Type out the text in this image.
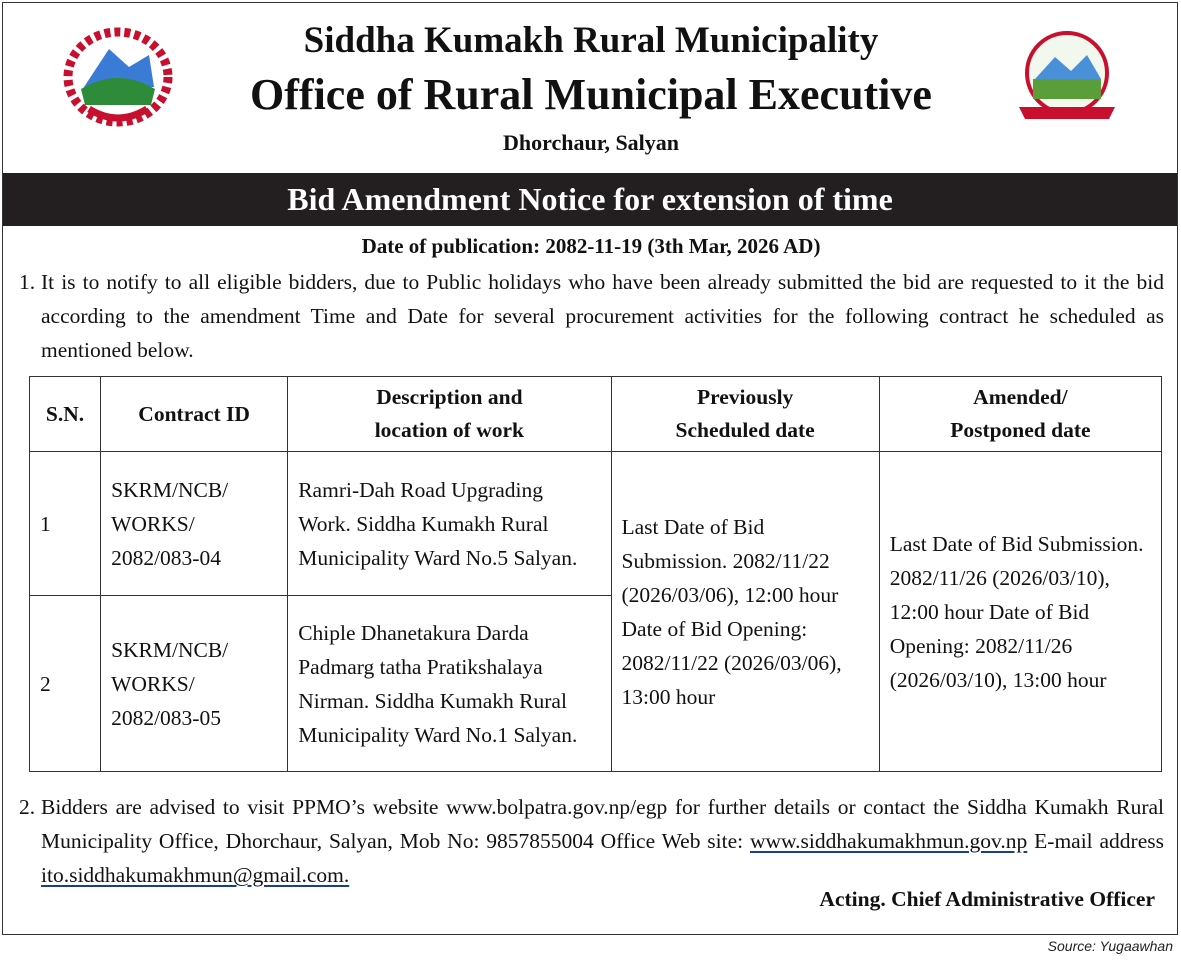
Siddha Kumakh Rural Municipality
Office of Rural Municipal Executive
Dhorchaur, Salyan
Bid Amendment Notice for extension of time
Date of publication: 2082-11-19 (3th Mar, 2026 AD)
1. It is to notify to all eligible bidders, due to Public holidays who have been already submitted the bid are requested to it the bid according to the amendment Time and Date for several procurement activities for the following contract he scheduled as mentioned below.
S.N.	Contract ID	Description and location of work	Previously Scheduled date	Amended/ Postponed date
1	SKRM/NCB/ WORKS/ 2082/083-04	Ramri-Dah Road Upgrading Work. Siddha Kumakh Rural Municipality Ward No.5 Salyan.	Last Date of Bid Submission. 2082/11/22 (2026/03/06), 12:00 hour Date of Bid Opening: 2082/11/22 (2026/03/06), 13:00 hour	Last Date of Bid Submission. 2082/11/26 (2026/03/10), 12:00 hour Date of Bid Opening: 2082/11/26 (2026/03/10), 13:00 hour
2	SKRM/NCB/ WORKS/ 2082/083-05	Chiple Dhanetakura Darda Padmarg tatha Pratikshalaya Nirman. Siddha Kumakh Rural Municipality Ward No.1 Salyan.		
2. Bidders are advised to visit PPMO’s website www.bolpatra.gov.np/egp for further details or contact the Siddha Kumakh Rural Municipality Office, Dhorchaur, Salyan, Mob No: 9857855004 Office Web site: www.siddhakumakhmun.gov.np E-mail address ito.siddhakumakhmun@gmail.com.
Acting. Chief Administrative Officer
Source: Yugaawhan
